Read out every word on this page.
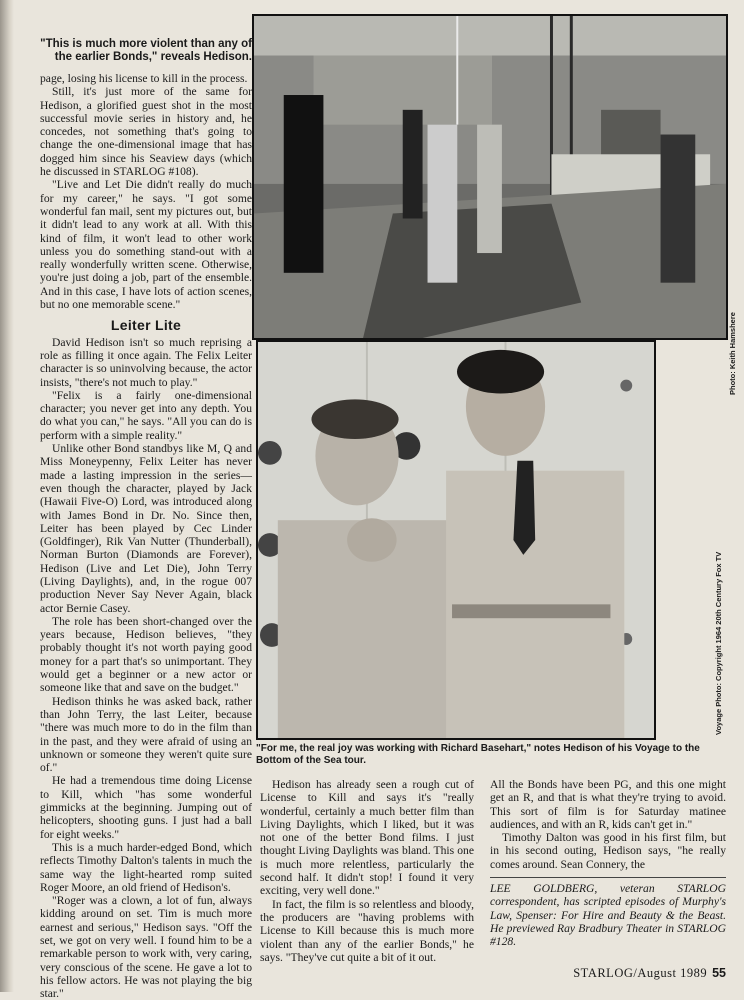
"This is much more violent than any of the earlier Bonds," reveals Hedison.

page, losing his license to kill in the process.

Still, it's just more of the same for Hedison, a glorified guest shot in the most successful movie series in history and, he concedes, not something that's going to change the one-dimensional image that has dogged him since his Seaview days (which he discussed in STARLOG #108).

"Live and Let Die didn't really do much for my career," he says. "I got some wonderful fan mail, sent my pictures out, but it didn't lead to any work at all. With this kind of film, it won't lead to other work unless you do something stand-out with a really wonderfully written scene. Otherwise, you're just doing a job, part of the ensemble. And in this case, I have lots of action scenes, but no one memorable scene."

Leiter Lite

David Hedison isn't so much reprising a role as filling it once again. The Felix Leiter character is so uninvolving because, the actor insists, "there's not much to play."

"Felix is a fairly one-dimensional character; you never get into any depth. You do what you can," he says. "All you can do is perform with a simple reality."

Unlike other Bond standbys like M, Q and Miss Moneypenny, Felix Leiter has never made a lasting impression in the series—even though the character, played by Jack (Hawaii Five-O) Lord, was introduced along with James Bond in Dr. No. Since then, Leiter has been played by Cec Linder (Goldfinger), Rik Van Nutter (Thunderball), Norman Burton (Diamonds are Forever), Hedison (Live and Let Die), John Terry (Living Daylights), and, in the rogue 007 production Never Say Never Again, black actor Bernie Casey.

The role has been short-changed over the years because, Hedison believes, "they probably thought it's not worth paying good money for a part that's so unimportant. They would get a beginner or a new actor or someone like that and save on the budget."

Hedison thinks he was asked back, rather than John Terry, the last Leiter, because "there was much more to do in the film than in the past, and they were afraid of using an unknown or someone they weren't quite sure of."

He had a tremendous time doing License to Kill, which "has some wonderful gimmicks at the beginning. Jumping out of helicopters, shooting guns. I just had a ball for eight weeks."

This is a much harder-edged Bond, which reflects Timothy Dalton's talents in much the same way the light-hearted romp suited Roger Moore, an old friend of Hedison's.

"Roger was a clown, a lot of fun, always kidding around on set. Tim is much more earnest and serious," Hedison says. "Off the set, we got on very well. I found him to be a remarkable person to work with, very caring, very conscious of the scene. He gave a lot to his fellow actors. He was not playing the big star."

Photo: Keith Hamshere
Voyage Photo: Copyright 1964 20th Century Fox TV
"For me, the real joy was working with Richard Basehart," notes Hedison of his Voyage to the Bottom of the Sea tour.

Hedison has already seen a rough cut of License to Kill and says it's "really wonderful, certainly a much better film than Living Daylights, which I liked, but it was not one of the better Bond films. I just thought Living Daylights was bland. This one is much more relentless, particularly the second half. It didn't stop! I found it very exciting, very well done."

In fact, the film is so relentless and bloody, the producers are "having problems with License to Kill because this is much more violent than any of the earlier Bonds," he says. "They've cut quite a bit of it out.

All the Bonds have been PG, and this one might get an R, and that is what they're trying to avoid. This sort of film is for Saturday matinee audiences, and with an R, kids can't get in."

Timothy Dalton was good in his first film, but in his second outing, Hedison says, "he really comes around. Sean Connery, the

LEE GOLDBERG, veteran STARLOG correspondent, has scripted episodes of Murphy's Law, Spenser: For Hire and Beauty & the Beast. He previewed Ray Bradbury Theater in STARLOG #128.

STARLOG/August 1989 55
